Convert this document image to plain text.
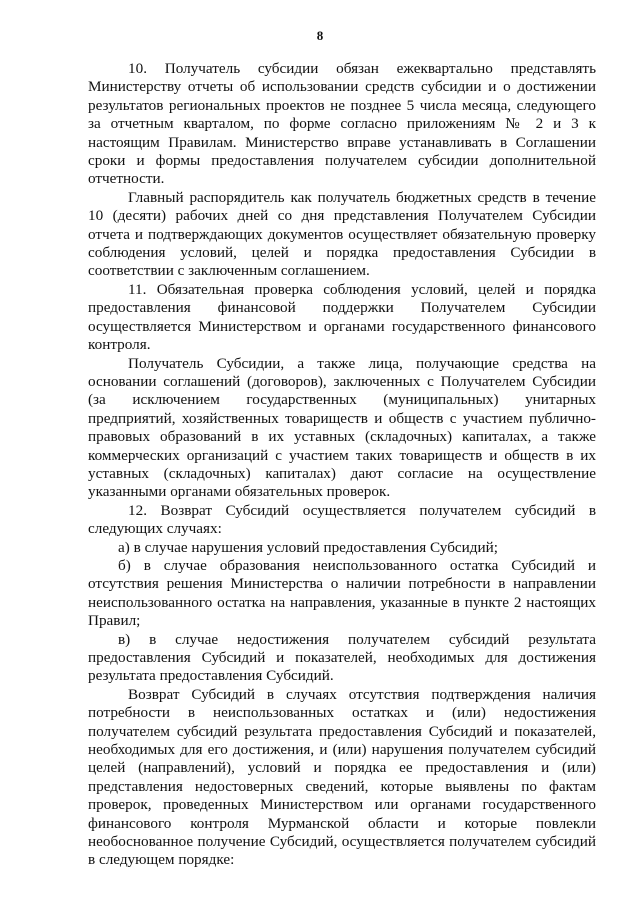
8

10. Получатель субсидии обязан ежеквартально представлять Министерству отчеты об использовании средств субсидии и о достижении результатов региональных проектов не позднее 5 числа месяца, следующего за отчетным кварталом, по форме согласно приложениям № 2 и 3 к настоящим Правилам. Министерство вправе устанавливать в Соглашении сроки и формы предоставления получателем субсидии дополнительной отчетности.

Главный распорядитель как получатель бюджетных средств в течение 10 (десяти) рабочих дней со дня представления Получателем Субсидии отчета и подтверждающих документов осуществляет обязательную проверку соблюдения условий, целей и порядка предоставления Субсидии в соответствии с заключенным соглашением.

11. Обязательная проверка соблюдения условий, целей и порядка предоставления финансовой поддержки Получателем Субсидии осуществляется Министерством и органами государственного финансового контроля.

Получатель Субсидии, а также лица, получающие средства на основании соглашений (договоров), заключенных с Получателем Субсидии (за исключением государственных (муниципальных) унитарных предприятий, хозяйственных товариществ и обществ с участием публично-правовых образований в их уставных (складочных) капиталах, а также коммерческих организаций с участием таких товариществ и обществ в их уставных (складочных) капиталах) дают согласие на осуществление указанными органами обязательных проверок.

12. Возврат Субсидий осуществляется получателем субсидий в следующих случаях:

а) в случае нарушения условий предоставления Субсидий;

б) в случае образования неиспользованного остатка Субсидий и отсутствия решения Министерства о наличии потребности в направлении неиспользованного остатка на направления, указанные в пункте 2 настоящих Правил;

в) в случае недостижения получателем субсидий результата предоставления Субсидий и показателей, необходимых для достижения результата предоставления Субсидий.

Возврат Субсидий в случаях отсутствия подтверждения наличия потребности в неиспользованных остатках и (или) недостижения получателем субсидий результата предоставления Субсидий и показателей, необходимых для его достижения, и (или) нарушения получателем субсидий целей (направлений), условий и порядка ее предоставления и (или) представления недостоверных сведений, которые выявлены по фактам проверок, проведенных Министерством или органами государственного финансового контроля Мурманской области и которые повлекли необоснованное получение Субсидий, осуществляется получателем субсидий в следующем порядке:
